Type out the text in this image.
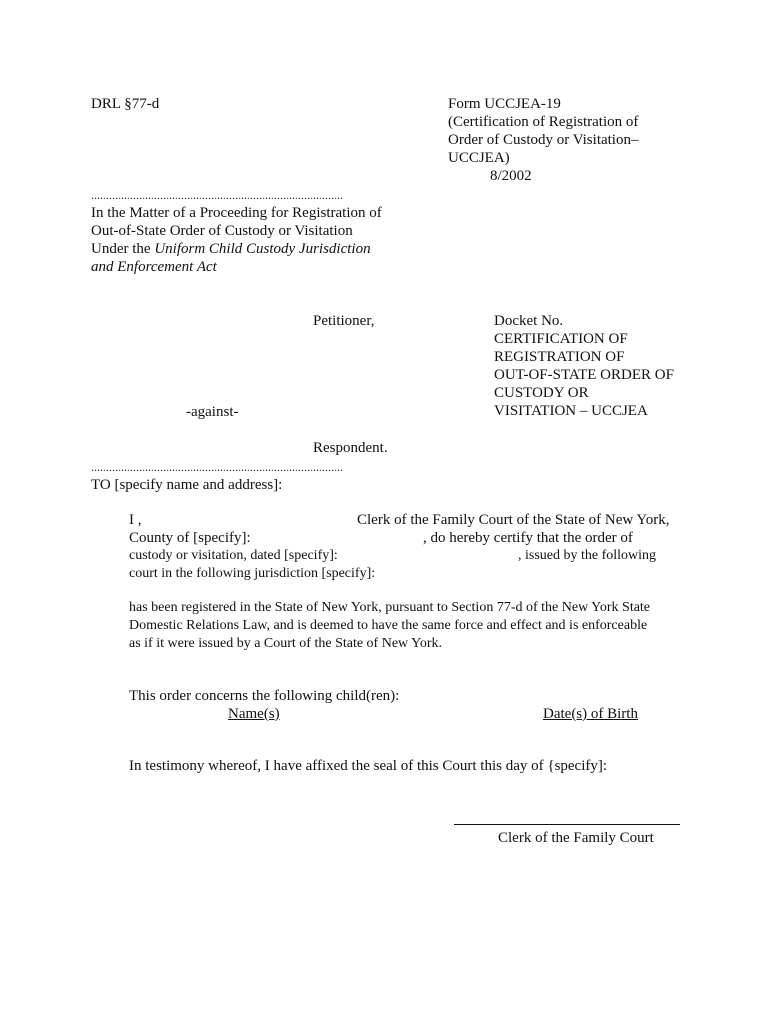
DRL §77-d	Form UCCJEA-19
(Certification of Registration of
Order of Custody or Visitation–
UCCJEA)
8/2002
....................................................................................
In the Matter of a Proceeding for Registration of
Out-of-State Order of Custody or Visitation
Under the Uniform Child Custody Jurisdiction
and Enforcement Act
Petitioner,
-against-
Respondent.
....................................................................................
Docket No.
CERTIFICATION OF
REGISTRATION OF
OUT-OF-STATE ORDER OF
CUSTODY OR
VISITATION – UCCJEA
TO [specify name and address]:
I ,	Clerk of the Family Court of the State of New York,
County of [specify]:	, do hereby certify that the order of
custody or visitation, dated [specify]:	, issued by the following
court in the following jurisdiction [specify]:
has been registered in the State of New York, pursuant to Section 77-d of the New York State
Domestic Relations Law, and is deemed to have the same force and effect and is enforceable
as if it were issued by a Court of the State of New York.
This order concerns the following child(ren):
Name(s)	Date(s) of Birth
In testimony whereof, I have affixed the seal of this Court this day of {specify]:
Clerk of the Family Court
